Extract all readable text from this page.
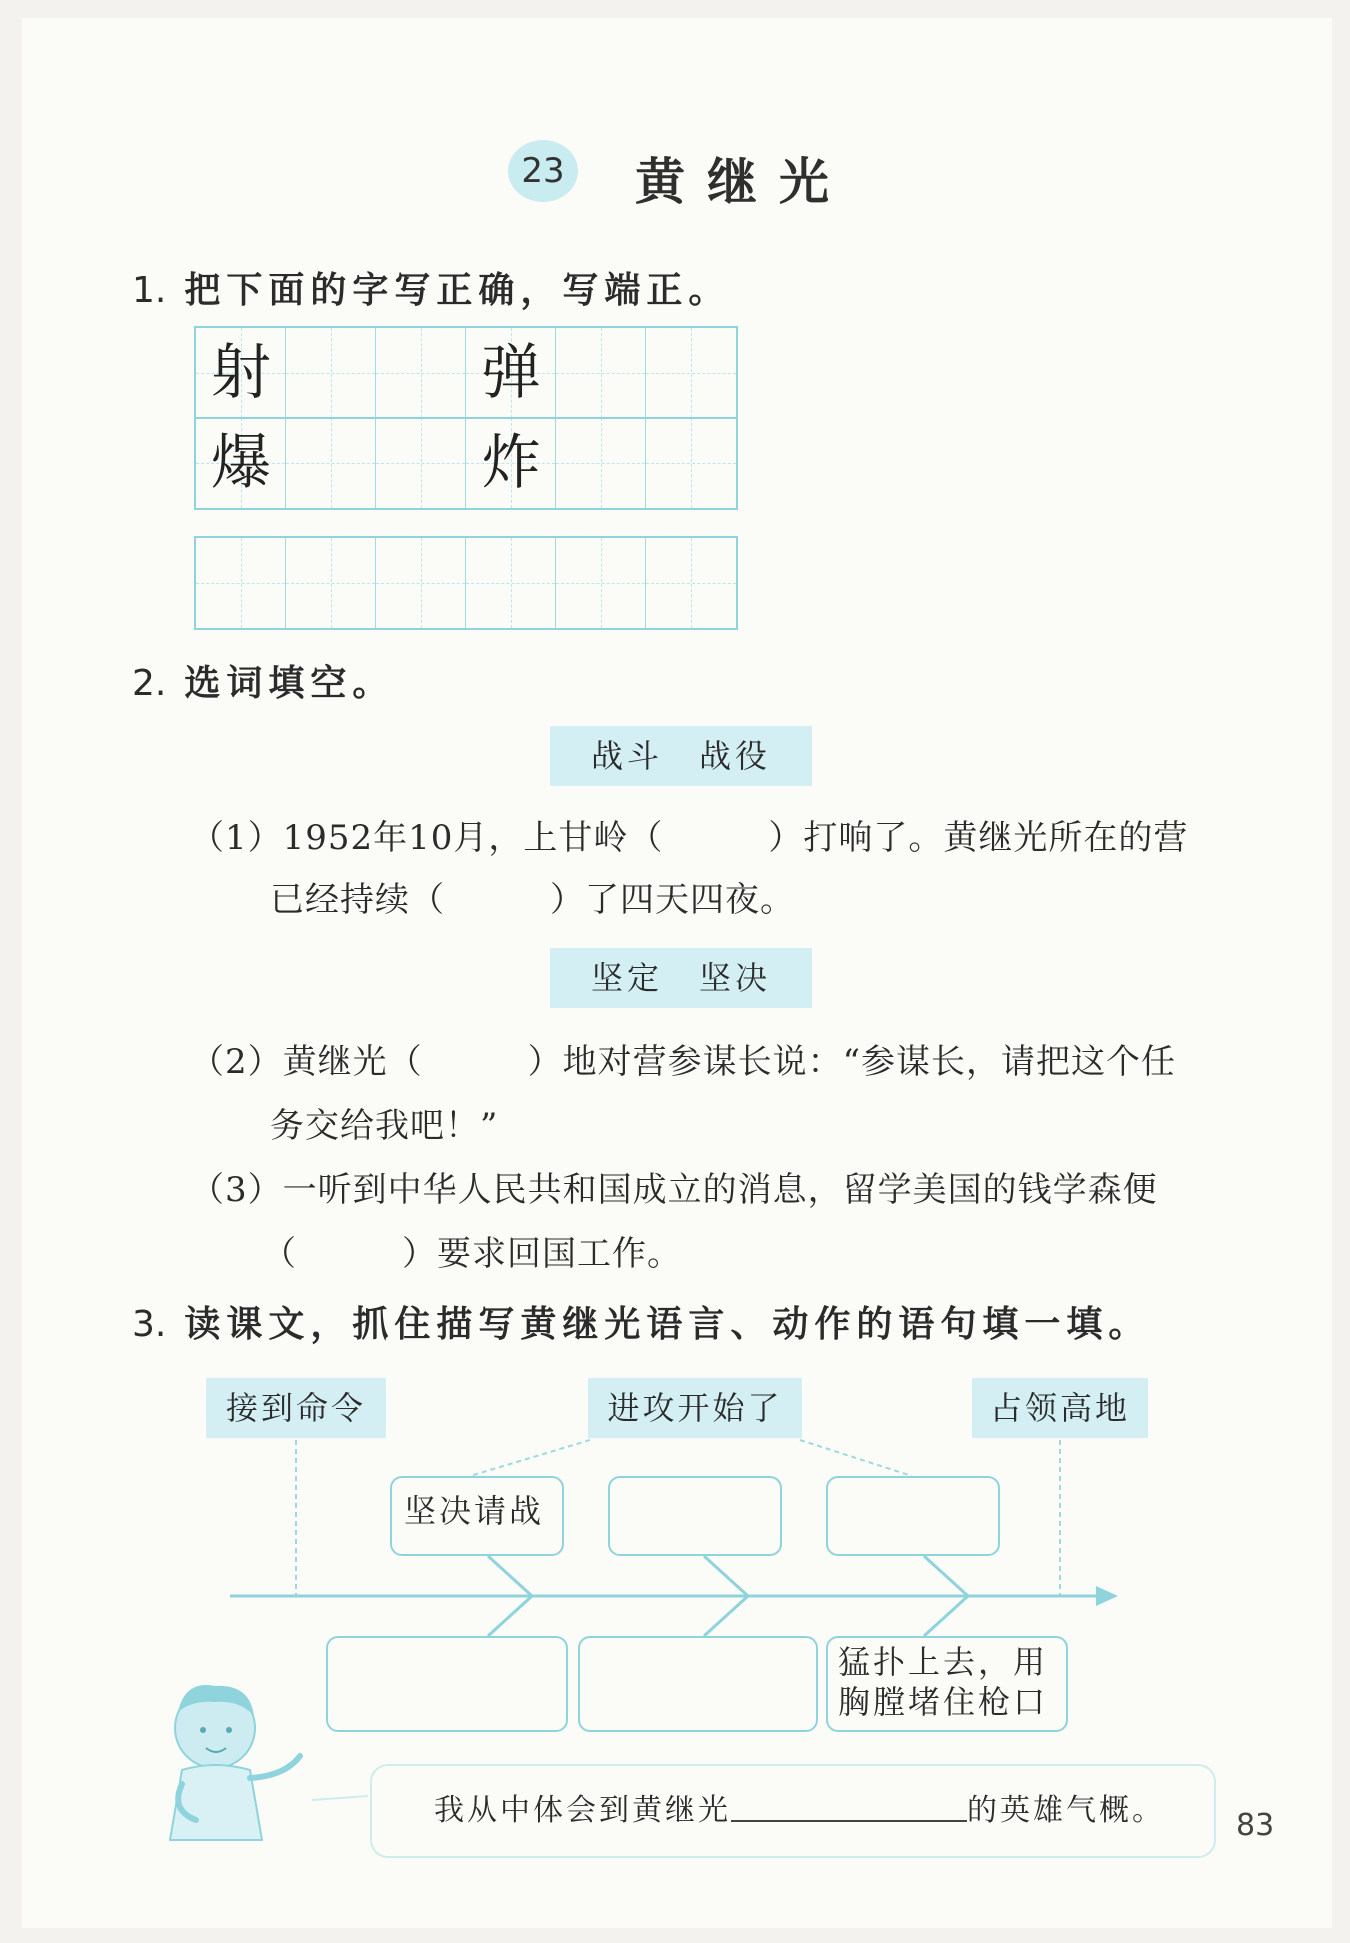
23 黄继光
1. 把下面的字写正确，写端正。
射	弹
爆	炸
2. 选词填空。
战斗　战役
（1）1952年10月，上甘岭（　　　）打响了。黄继光所在的营
已经持续（　　　）了四天四夜。
坚定　坚决
（2）黄继光（　　　）地对营参谋长说：“参谋长，请把这个任
务交给我吧！”
（3）一听到中华人民共和国成立的消息，留学美国的钱学森便
（　　　）要求回国工作。
3. 读课文，抓住描写黄继光语言、动作的语句填一填。
接到命令	进攻开始了	占领高地
坚决请战
猛扑上去，用
胸膛堵住枪口
我从中体会到黄继光	的英雄气概。	83
